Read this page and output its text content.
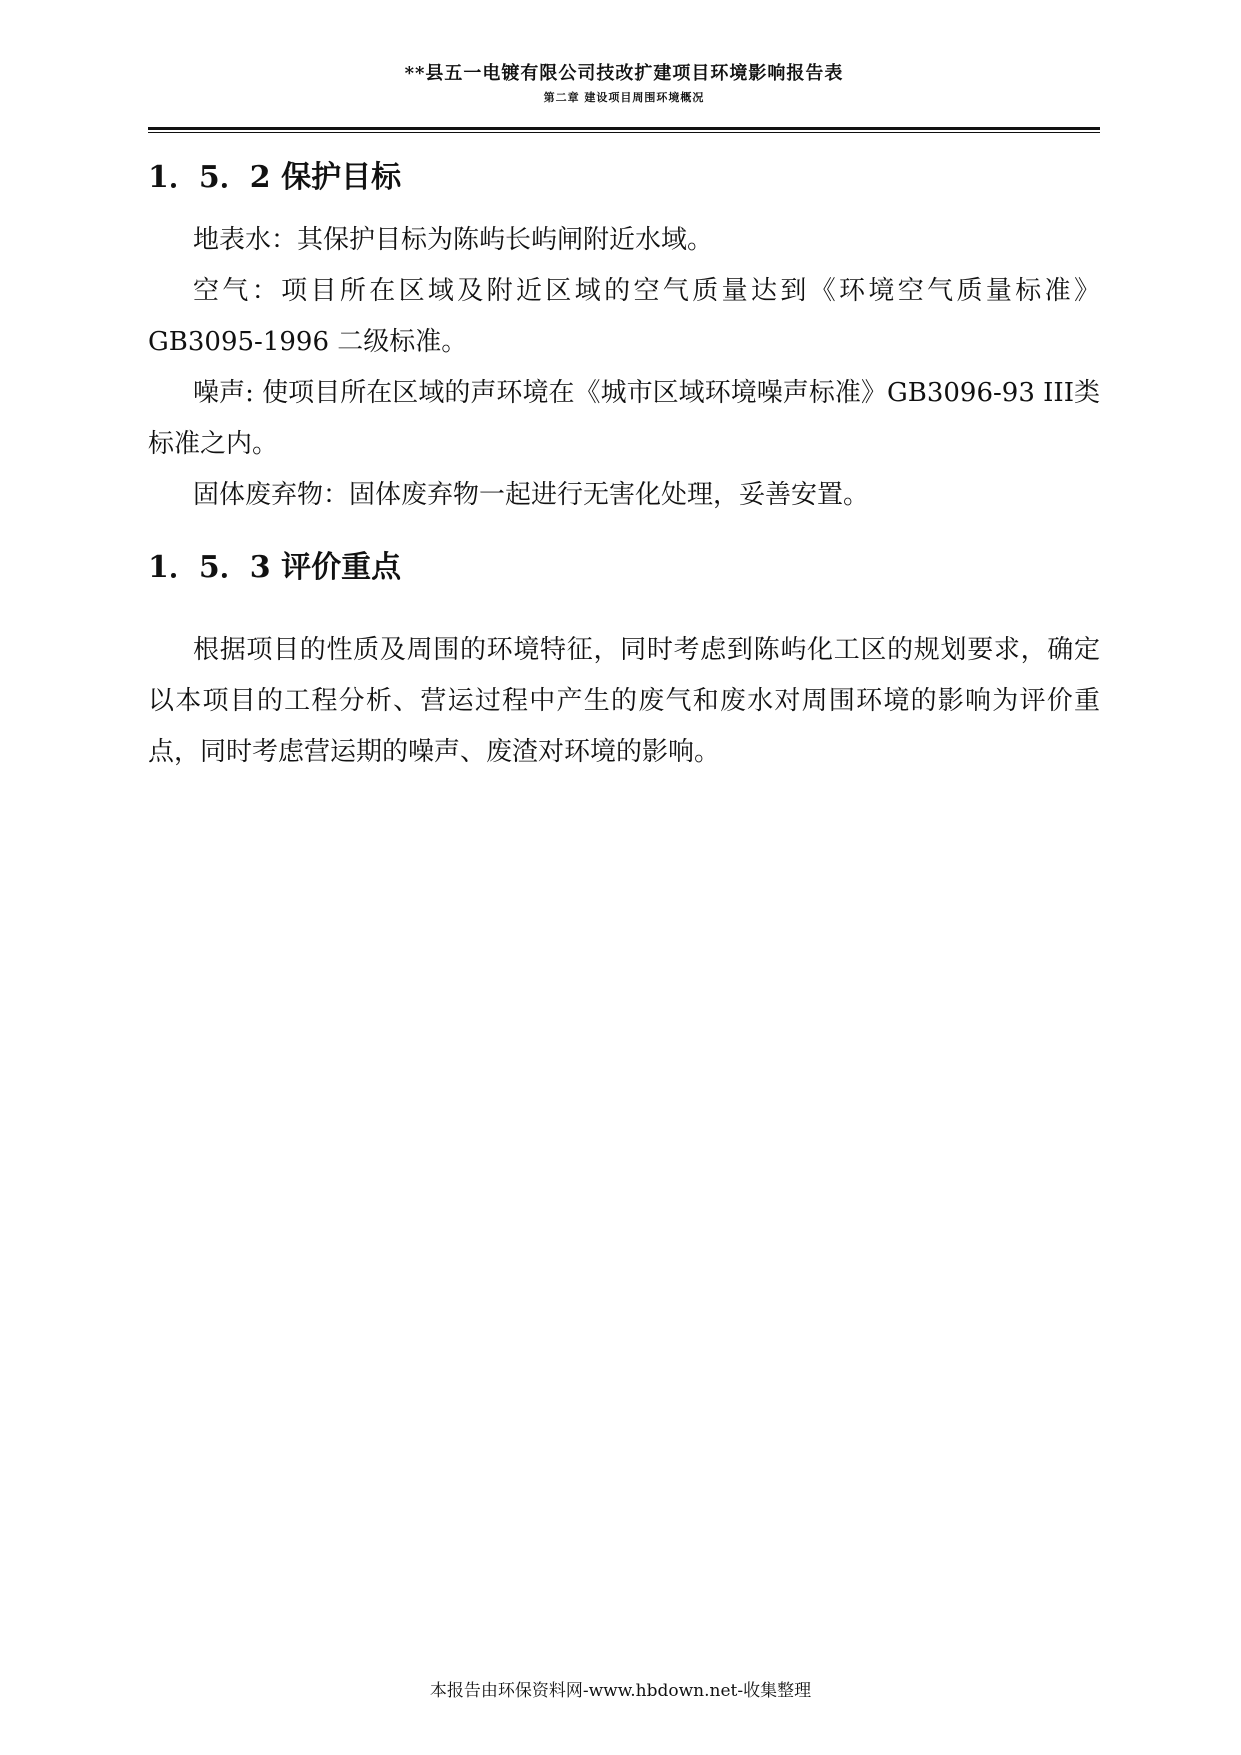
**县五一电镀有限公司技改扩建项目环境影响报告表
第二章 建设项目周围环境概况
1．5．2 保护目标
地表水：其保护目标为陈屿长屿闸附近水域。
空气：项目所在区域及附近区域的空气质量达到《环境空气质量标准》GB3095-1996 二级标准。
噪声: 使项目所在区域的声环境在《城市区域环境噪声标准》GB3096-93 III类标准之内。
固体废弃物：固体废弃物一起进行无害化处理，妥善安置。
1．5．3 评价重点
根据项目的性质及周围的环境特征，同时考虑到陈屿化工区的规划要求，确定以本项目的工程分析、营运过程中产生的废气和废水对周围环境的影响为评价重点，同时考虑营运期的噪声、废渣对环境的影响。
本报告由环保资料网-www.hbdown.net-收集整理
